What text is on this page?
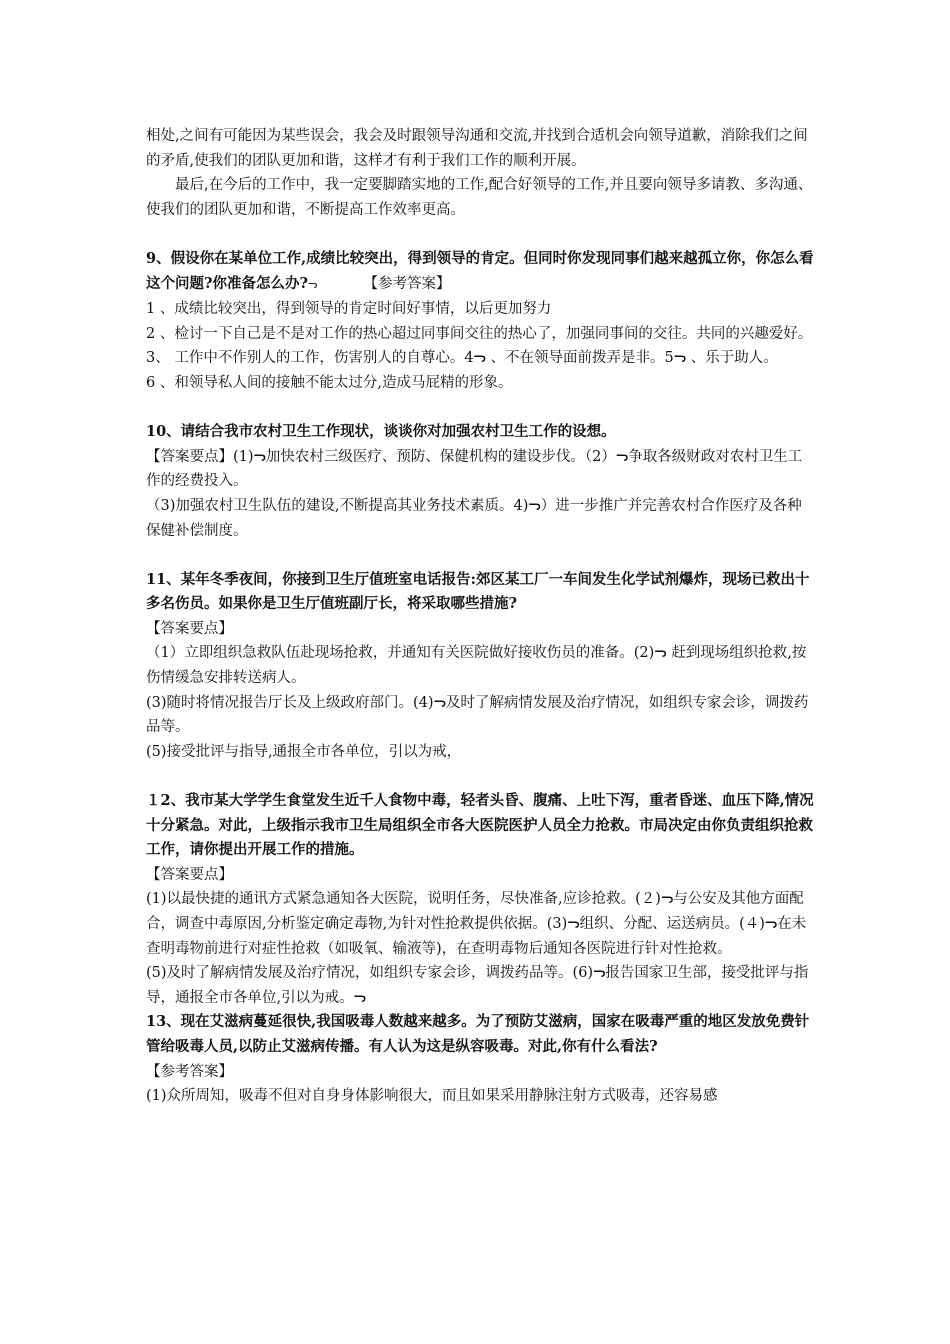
相处,之间有可能因为某些误会，我会及时跟领导沟通和交流,并找到合适机会向领导道歉，消除我们之间的矛盾,使我们的团队更加和谐，这样才有利于我们工作的顺利开展。

最后,在今后的工作中，我一定要脚踏实地的工作,配合好领导的工作,并且要向领导多请教、多沟通、使我们的团队更加和谐，不断提高工作效率更高。

9、假设你在某单位工作,成绩比较突出，得到领导的肯定。但同时你发现同事们越来越孤立你，你怎么看这个问题?你准备怎么办?ᓓ	【参考答案】

1 、成绩比较突出，得到领导的肯定时间好事情，以后更加努力

2 、检讨一下自己是不是对工作的热心超过同事间交往的热心了，加强同事间的交往。共同的兴趣爱好。

3、 工作中不作别人的工作，伤害别人的自尊心。4ᓓ 、不在领导面前拨弄是非。5ᓓ 、乐于助人。

6 、和领导私人间的接触不能太过分,造成马屁精的形象。

10、请结合我市农村卫生工作现状，谈谈你对加强农村卫生工作的设想。

【答案要点】(1)ᓓ加快农村三级医疗、预防、保健机构的建设步伐。（2）ᓓ争取各级财政对农村卫生工作的经费投入。

（3)加强农村卫生队伍的建设,不断提高其业务技术素质。4)ᓓ）进一步推广并完善农村合作医疗及各种保健补偿制度。

11、某年冬季夜间，你接到卫生厅值班室电话报告:郊区某工厂一车间发生化学试剂爆炸，现场已救出十多名伤员。如果你是卫生厅值班副厅长，将采取哪些措施?

【答案要点】

（1）立即组织急救队伍赴现场抢救，并通知有关医院做好接收伤员的准备。(2)ᓓ 赶到现场组织抢救,按伤情缓急安排转送病人。

(3)随时将情况报告厅长及上级政府部门。(4)ᓓ及时了解病情发展及治疗情况，如组织专家会诊，调拨药品等。

(5)接受批评与指导,通报全市各单位，引以为戒，

１2、我市某大学学生食堂发生近千人食物中毒，轻者头昏、腹痛、上吐下泻，重者昏迷、血压下降,情况十分紧急。对此，上级指示我市卫生局组织全市各大医院医护人员全力抢救。市局决定由你负责组织抢救工作，请你提出开展工作的措施。

【答案要点】

(1)以最快捷的通讯方式紧急通知各大医院，说明任务，尽快准备,应诊抢救。(２)ᓓ与公安及其他方面配合，调查中毒原因,分析鉴定确定毒物,为针对性抢救提供依据。(3)ᓓ组织、分配、运送病员。(４)ᓓ在未查明毒物前进行对症性抢救（如吸氧、输液等)，在查明毒物后通知各医院进行针对性抢救。

(5)及时了解病情发展及治疗情况，如组织专家会诊，调拨药品等。(6)ᓓ报告国家卫生部，接受批评与指导，通报全市各单位,引以为戒。ᓓ

13、现在艾滋病蔓延很快,我国吸毒人数越来越多。为了预防艾滋病，国家在吸毒严重的地区发放免费针管给吸毒人员,以防止艾滋病传播。有人认为这是纵容吸毒。对此,你有什么看法?

【参考答案】

(1)众所周知，吸毒不但对自身身体影响很大，而且如果采用静脉注射方式吸毒，还容易感
